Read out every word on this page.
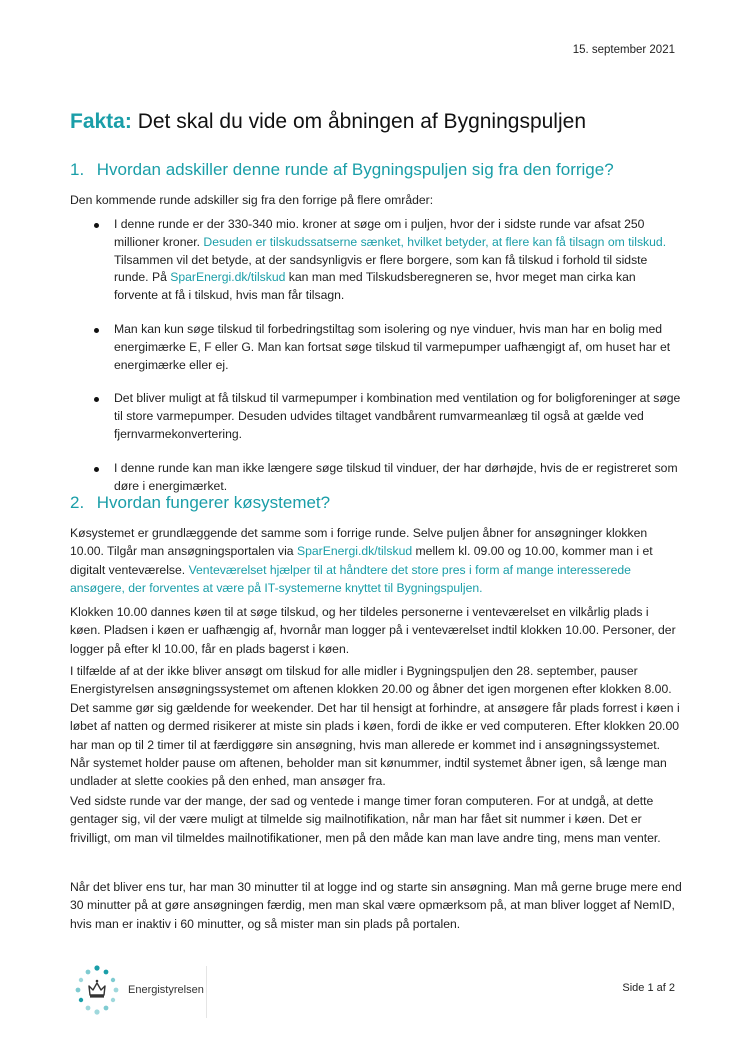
15. september 2021
Fakta: Det skal du vide om åbningen af Bygningspuljen
1. Hvordan adskiller denne runde af Bygningspuljen sig fra den forrige?
Den kommende runde adskiller sig fra den forrige på flere områder:
I denne runde er der 330-340 mio. kroner at søge om i puljen, hvor der i sidste runde var afsat 250 millioner kroner. Desuden er tilskudssatserne sænket, hvilket betyder, at flere kan få tilsagn om tilskud. Tilsammen vil det betyde, at der sandsynligvis er flere borgere, som kan få tilskud i forhold til sidste runde. På SparEnergi.dk/tilskud kan man med Tilskudsberegneren se, hvor meget man cirka kan forvente at få i tilskud, hvis man får tilsagn.
Man kan kun søge tilskud til forbedringstiltag som isolering og nye vinduer, hvis man har en bolig med energimærke E, F eller G. Man kan fortsat søge tilskud til varmepumper uafhængigt af, om huset har et energimærke eller ej.
Det bliver muligt at få tilskud til varmepumper i kombination med ventilation og for boligforeninger at søge til store varmepumper. Desuden udvides tiltaget vandbårent rumvarmeanlæg til også at gælde ved fjernvarmekonvertering.
I denne runde kan man ikke længere søge tilskud til vinduer, der har dørhøjde, hvis de er registreret som døre i energimærket.
2. Hvordan fungerer køsystemet?
Køsystemet er grundlæggende det samme som i forrige runde. Selve puljen åbner for ansøgninger klokken 10.00. Tilgår man ansøgningsportalen via SparEnergi.dk/tilskud mellem kl. 09.00 og 10.00, kommer man i et digitalt venteværelse. Venteværelset hjælper til at håndtere det store pres i form af mange interesserede ansøgere, der forventes at være på IT-systemerne knyttet til Bygningspuljen.
Klokken 10.00 dannes køen til at søge tilskud, og her tildeles personerne i venteværelset en vilkårlig plads i køen. Pladsen i køen er uafhængig af, hvornår man logger på i venteværelset indtil klokken 10.00. Personer, der logger på efter kl 10.00, får en plads bagerst i køen.
I tilfælde af at der ikke bliver ansøgt om tilskud for alle midler i Bygningspuljen den 28. september, pauser Energistyrelsen ansøgningssystemet om aftenen klokken 20.00 og åbner det igen morgenen efter klokken 8.00. Det samme gør sig gældende for weekender. Det har til hensigt at forhindre, at ansøgere får plads forrest i køen i løbet af natten og dermed risikerer at miste sin plads i køen, fordi de ikke er ved computeren. Efter klokken 20.00 har man op til 2 timer til at færdiggøre sin ansøgning, hvis man allerede er kommet ind i ansøgningssystemet. Når systemet holder pause om aftenen, beholder man sit kønummer, indtil systemet åbner igen, så længe man undlader at slette cookies på den enhed, man ansøger fra.
Ved sidste runde var der mange, der sad og ventede i mange timer foran computeren. For at undgå, at dette gentager sig, vil der være muligt at tilmelde sig mailnotifikation, når man har fået sit nummer i køen. Det er frivilligt, om man vil tilmeldes mailnotifikationer, men på den måde kan man lave andre ting, mens man venter.
Når det bliver ens tur, har man 30 minutter til at logge ind og starte sin ansøgning. Man må gerne bruge mere end 30 minutter på at gøre ansøgningen færdig, men man skal være opmærksom på, at man bliver logget af NemID, hvis man er inaktiv i 60 minutter, og så mister man sin plads på portalen.
Energistyrelsen	Side 1 af 2
